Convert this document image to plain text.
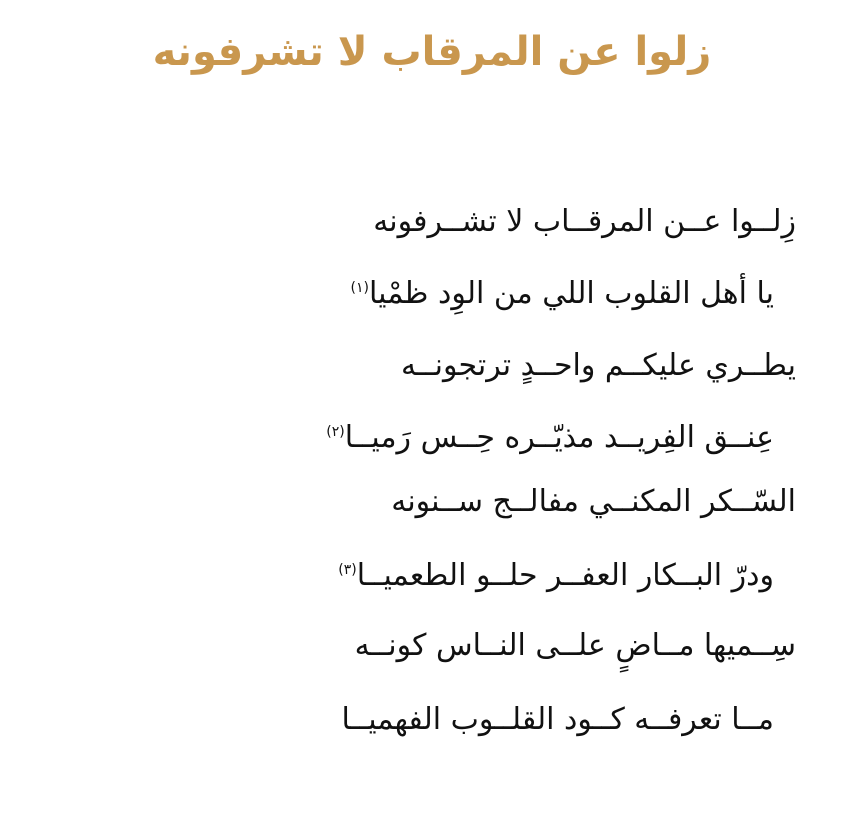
زلوا عن المرقاب لا تشرفونه

زِلــوا عــن المرقــاب لا تشــرفونه

يا أهل القلوب اللي من الوِد ظمْيا$^{(١)}$

يطــري عليكــم واحــدٍ ترتجونــه

عِنــق الفِريــد مذيّــره حِــس رَميــا$^{(٢)}$

السّــكر المكنــي مفالــج ســنونه

ودرّ البــكار العفــر حلــو الطعميــا$^{(٣)}$

سِــميها مــاضٍ علــى النــاس كونــه

مــا تعرفــه كــود القلــوب الفهميــا
